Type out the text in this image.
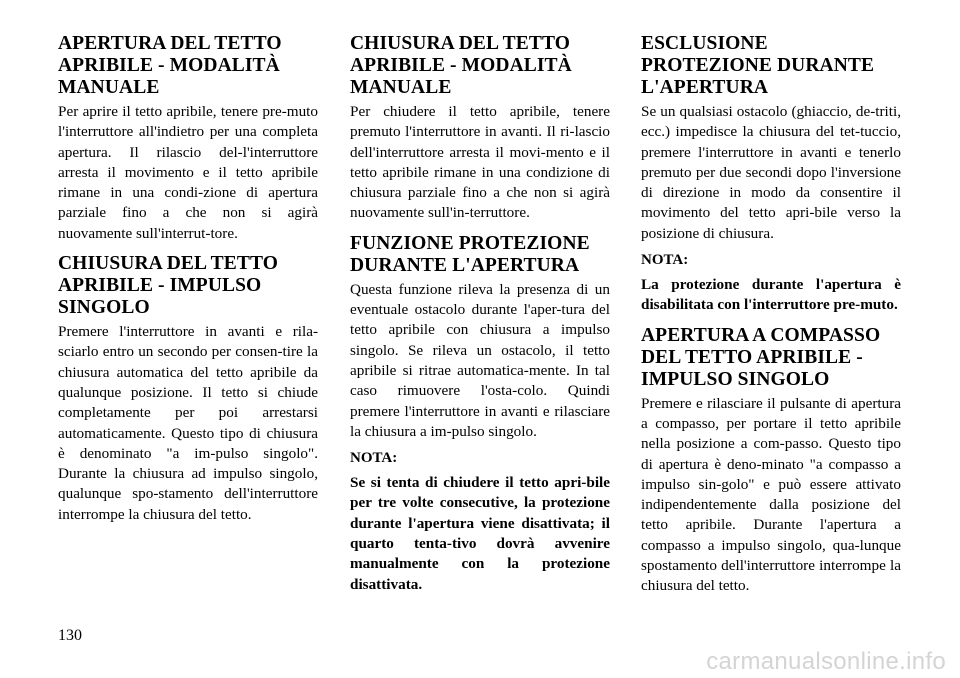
APERTURA DEL TETTO APRIBILE - MODALITÀ MANUALE

Per aprire il tetto apribile, tenere pre-muto l'interruttore all'indietro per una completa apertura. Il rilascio del-l'interruttore arresta il movimento e il tetto apribile rimane in una condi-zione di apertura parziale fino a che non si agirà nuovamente sull'interrut-tore.

CHIUSURA DEL TETTO APRIBILE - IMPULSO SINGOLO

Premere l'interruttore in avanti e rila-sciarlo entro un secondo per consen-tire la chiusura automatica del tetto apribile da qualunque posizione. Il tetto si chiude completamente per poi arrestarsi automaticamente. Questo tipo di chiusura è denominato "a im-pulso singolo". Durante la chiusura ad impulso singolo, qualunque spo-stamento dell'interruttore interrompe la chiusura del tetto.

CHIUSURA DEL TETTO APRIBILE - MODALITÀ MANUALE

Per chiudere il tetto apribile, tenere premuto l'interruttore in avanti. Il ri-lascio dell'interruttore arresta il movi-mento e il tetto apribile rimane in una condizione di chiusura parziale fino a che non si agirà nuovamente sull'in-terruttore.

FUNZIONE PROTEZIONE DURANTE L'APERTURA

Questa funzione rileva la presenza di un eventuale ostacolo durante l'aper-tura del tetto apribile con chiusura a impulso singolo. Se rileva un ostacolo, il tetto apribile si ritrae automatica-mente. In tal caso rimuovere l'osta-colo. Quindi premere l'interruttore in avanti e rilasciare la chiusura a im-pulso singolo.

NOTA:

Se si tenta di chiudere il tetto apri-bile per tre volte consecutive, la protezione durante l'apertura viene disattivata; il quarto tenta-tivo dovrà avvenire manualmente con la protezione disattivata.

ESCLUSIONE PROTEZIONE DURANTE L'APERTURA

Se un qualsiasi ostacolo (ghiaccio, de-triti, ecc.) impedisce la chiusura del tet-tuccio, premere l'interruttore in avanti e tenerlo premuto per due secondi dopo l'inversione di direzione in modo da consentire il movimento del tetto apri-bile verso la posizione di chiusura.

NOTA:

La protezione durante l'apertura è disabilitata con l'interruttore pre-muto.

APERTURA A COMPASSO DEL TETTO APRIBILE - IMPULSO SINGOLO

Premere e rilasciare il pulsante di apertura a compasso, per portare il tetto apribile nella posizione a com-passo. Questo tipo di apertura è deno-minato "a compasso a impulso sin-golo" e può essere attivato indipendentemente dalla posizione del tetto apribile. Durante l'apertura a compasso a impulso singolo, qua-lunque spostamento dell'interruttore interrompe la chiusura del tetto.

130
carmanualsonline.info
